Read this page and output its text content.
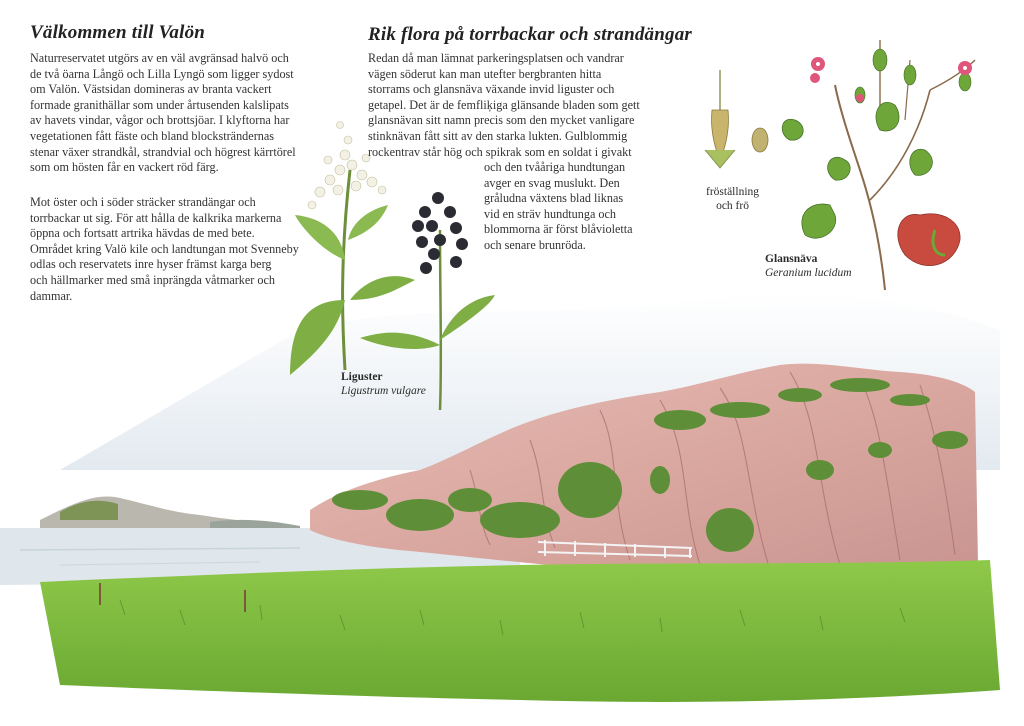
Välkommen till Valön

Naturreservatet utgörs av en väl avgränsad halvö och
de två öarna Långö och Lilla Lyngö som ligger sydost
om Valön. Västsidan domineras av branta vackert
formade granithällar som under årtusenden kalslipats
av havets vindar, vågor och brottsjöar. I klyftorna har
vegetationen fått fäste och bland blocksträndernas
stenar växer strandkål, strandvial och högrest kärrtörel
som om hösten får en vackert röd färg.

Mot öster och i söder sträcker strandängar och
torrbackar ut sig. För att hålla de kalkrika markerna
öppna och fortsatt artrika hävdas de med bete.
Området kring Valö kile och landtungan mot Svenneby
odlas och reservatets inre hyser främst karga berg
och hällmarker med små inprängda våtmarker och
dammar.

Rik flora på torrbackar och strandängar

Redan då man lämnat parkeringsplatsen och vandrar
vägen söderut kan man utefter bergbranten hitta
storrams och glansnäva växande invid liguster och
getapel. Det är de femfliķiga glänsande bladen som gett
glansnävan sitt namn precis som den mycket vanligare
stinknävan fått sitt av den starka lukten. Gulblommig
rockentrav står hög och spikrak som en soldat i givakt

och den tvååriga hundtungan
avger en svag muslukt. Den
gråludna växtens blad liknas
vid en sträv hundtunga och
blommorna är först blåvioletta
och senare brunröda.

Liguster
Ligustrum vulgare
Glansnäva
Geranium lucidum
fröställning
och frö
